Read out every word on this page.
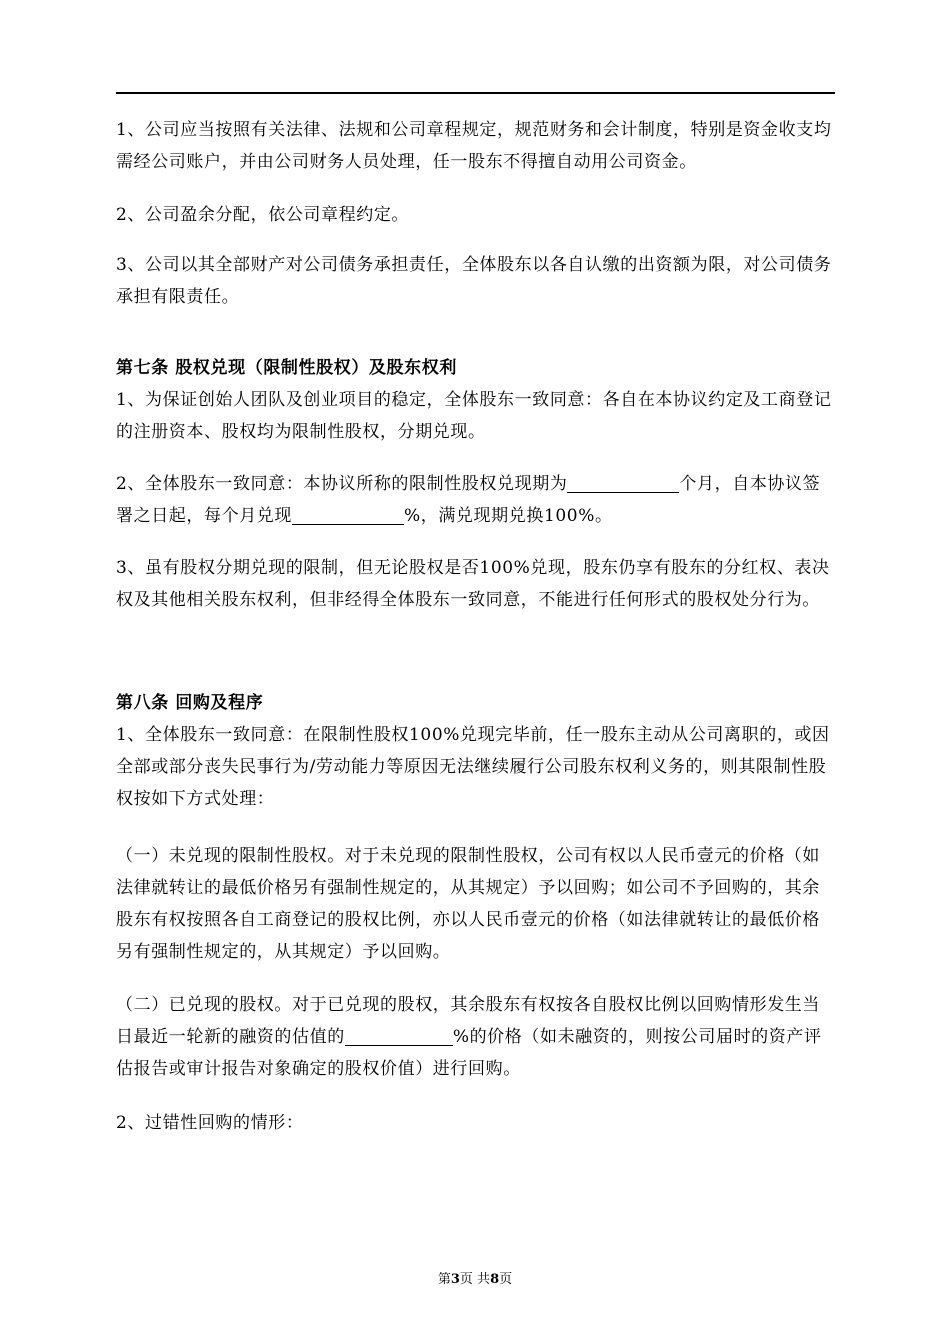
1、公司应当按照有关法律、法规和公司章程规定，规范财务和会计制度，特别是资金收支均需经公司账户，并由公司财务人员处理，任一股东不得擅自动用公司资金。

2、公司盈余分配，依公司章程约定。

3、公司以其全部财产对公司债务承担责任，全体股东以各自认缴的出资额为限，对公司债务承担有限责任。

第七条 股权兑现（限制性股权）及股东权利

1、为保证创始人团队及创业项目的稳定，全体股东一致同意：各自在本协议约定及工商登记的注册资本、股权均为限制性股权，分期兑现。

2、全体股东一致同意：本协议所称的限制性股权兑现期为	个月，自本协议签署之日起，每个月兑现	%，满兑现期兑换100%。

3、虽有股权分期兑现的限制，但无论股权是否100%兑现，股东仍享有股东的分红权、表决权及其他相关股东权利，但非经得全体股东一致同意，不能进行任何形式的股权处分行为。

第八条 回购及程序

1、全体股东一致同意：在限制性股权100%兑现完毕前，任一股东主动从公司离职的，或因全部或部分丧失民事行为/劳动能力等原因无法继续履行公司股东权利义务的，则其限制性股权按如下方式处理：

（一）未兑现的限制性股权。对于未兑现的限制性股权，公司有权以人民币壹元的价格（如法律就转让的最低价格另有强制性规定的，从其规定）予以回购；如公司不予回购的，其余股东有权按照各自工商登记的股权比例，亦以人民币壹元的价格（如法律就转让的最低价格另有强制性规定的，从其规定）予以回购。

（二）已兑现的股权。对于已兑现的股权，其余股东有权按各自股权比例以回购情形发生当日最近一轮新的融资的估值的	%的价格（如未融资的，则按公司届时的资产评估报告或审计报告对象确定的股权价值）进行回购。

2、过错性回购的情形：

第3页 共8页
